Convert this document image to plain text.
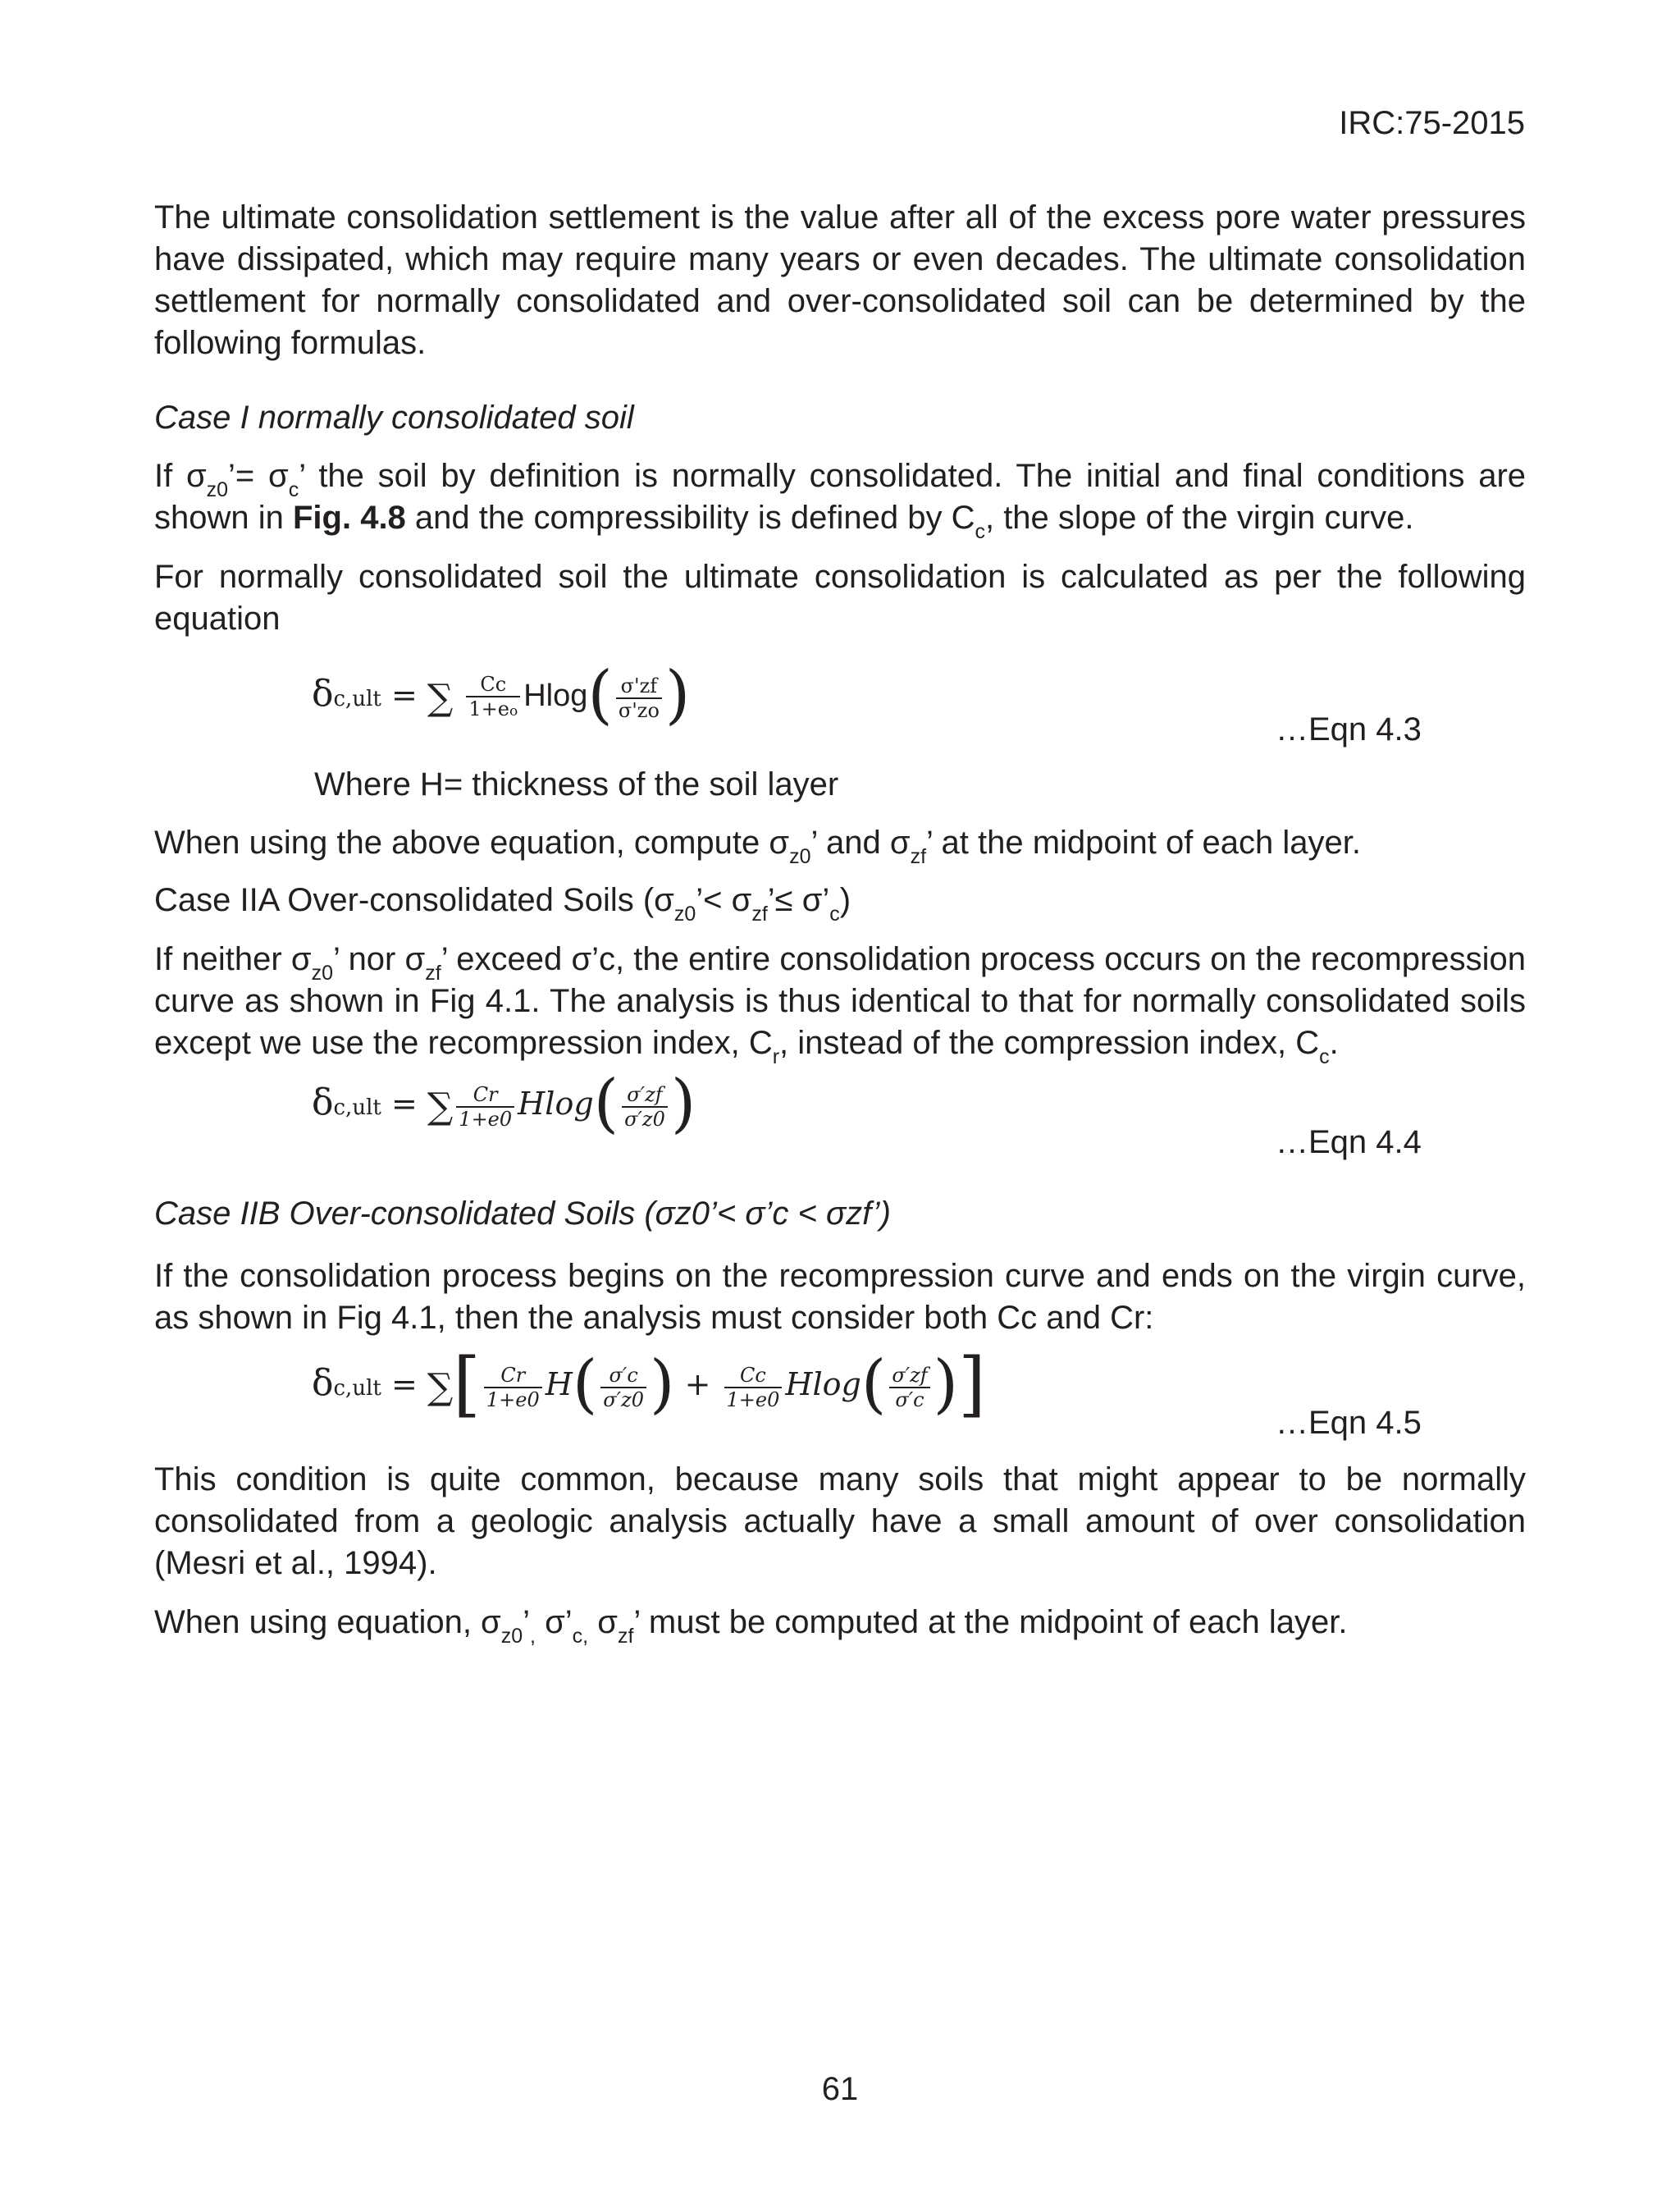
IRC:75-2015

The ultimate consolidation settlement is the value after all of the excess pore water pressures have dissipated, which may require many years or even decades. The ultimate consolidation settlement for normally consolidated and over-consolidated soil can be determined by the following formulas.

Case I normally consolidated soil

If $\sigma_{z0}’= \sigma_c$’ the soil by definition is normally consolidated. The initial and final conditions are shown in Fig. 4.8 and the compressibility is defined by $C_c$, the slope of the virgin curve.

For normally consolidated soil the ultimate consolidation is calculated as per the following equation

δc,ult = ∑ $\frac{Cc}{1+eo} Hlog( \frac{\sigma'zf}{\sigma'zo}$ )	…Eqn 4.3
Where H= thickness of the soil layer

When using the above equation, compute $\sigma_{z0}$’ and $\sigma_{zf}$’ at the midpoint of each layer.

Case IIA Over-consolidated Soils ($\sigma_{z0}’<$ $\sigma_{zf}’\le$ $\sigma’_c$)

If neither $\sigma_{z0}$’ nor $\sigma_{zf}$’ exceed σ’c, the entire consolidation process occurs on the recompression curve as shown in Fig 4.1. The analysis is thus identical to that for normally consolidated soils except we use the recompression index, $C_r$, instead of the compression index, $C_c$.

δc,ult = ∑ $\frac{Cr}{1+e0} Hlog( \frac{\sigma'zf}{\sigma'z0}$ )
…Eqn 4.4

Case IIB Over-consolidated Soils (σz0’< σ’c < σzf’)

If the consolidation process begins on the recompression curve and ends on the virgin curve, as shown in Fig 4.1, then the analysis must consider both Cc and Cr:

δc,ult = ∑[ $\frac{Cr}{1+e0} H( \frac{\sigma'c}{\sigma'z0}$ ) + $\frac{Cc}{1+e0} Hlog( \frac{\sigma'zf}{\sigma'c}$ )]	…Eqn 4.5

This condition is quite common, because many soils that might appear to be normally consolidated from a geologic analysis actually have a small amount of over consolidation (Mesri et al., 1994).

When using equation, $\sigma_{z0}’_,$ $\sigma’_{c,}$ $\sigma_{zf}$’ must be computed at the midpoint of each layer.

61
